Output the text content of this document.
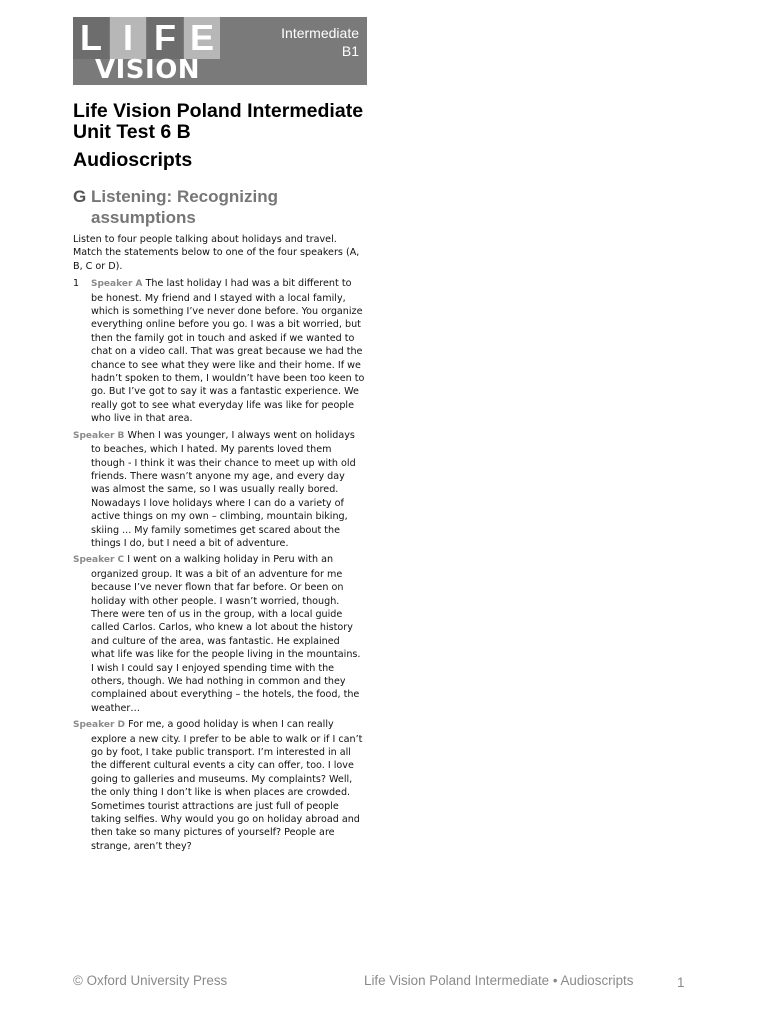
L I F E
VISION
Intermediate
B1
Life Vision Poland Intermediate Unit Test 6 B
Audioscripts
G Listening: Recognizing assumptions

Listen to four people talking about holidays and travel. Match the statements below to one of the four speakers (A, B, C or D).

1 Speaker A The last holiday I had was a bit different to be honest. My friend and I stayed with a local family, which is something I’ve never done before. You organize everything online before you go. I was a bit worried, but then the family got in touch and asked if we wanted to chat on a video call. That was great because we had the chance to see what they were like and their home. If we hadn’t spoken to them, I wouldn’t have been too keen to go. But I’ve got to say it was a fantastic experience. We really got to see what everyday life was like for people who live in that area.

Speaker B When I was younger, I always went on holidays to beaches, which I hated. My parents loved them though - I think it was their chance to meet up with old friends. There wasn’t anyone my age, and every day was almost the same, so I was usually really bored. Nowadays I love holidays where I can do a variety of active things on my own – climbing, mountain biking, skiing ... My family sometimes get scared about the things I do, but I need a bit of adventure.

Speaker C I went on a walking holiday in Peru with an organized group. It was a bit of an adventure for me because I’ve never flown that far before. Or been on holiday with other people. I wasn’t worried, though. There were ten of us in the group, with a local guide called Carlos. Carlos, who knew a lot about the history and culture of the area, was fantastic. He explained what life was like for the people living in the mountains. I wish I could say I enjoyed spending time with the others, though. We had nothing in common and they complained about everything – the hotels, the food, the weather…

Speaker D For me, a good holiday is when I can really explore a new city. I prefer to be able to walk or if I can’t go by foot, I take public transport. I’m interested in all the different cultural events a city can offer, too. I love going to galleries and museums. My complaints? Well, the only thing I don’t like is when places are crowded. Sometimes tourist attractions are just full of people taking selfies. Why would you go on holiday abroad and then take so many pictures of yourself? People are strange, aren’t they?

© Oxford University Press	Life Vision Poland Intermediate • Audioscripts	1
